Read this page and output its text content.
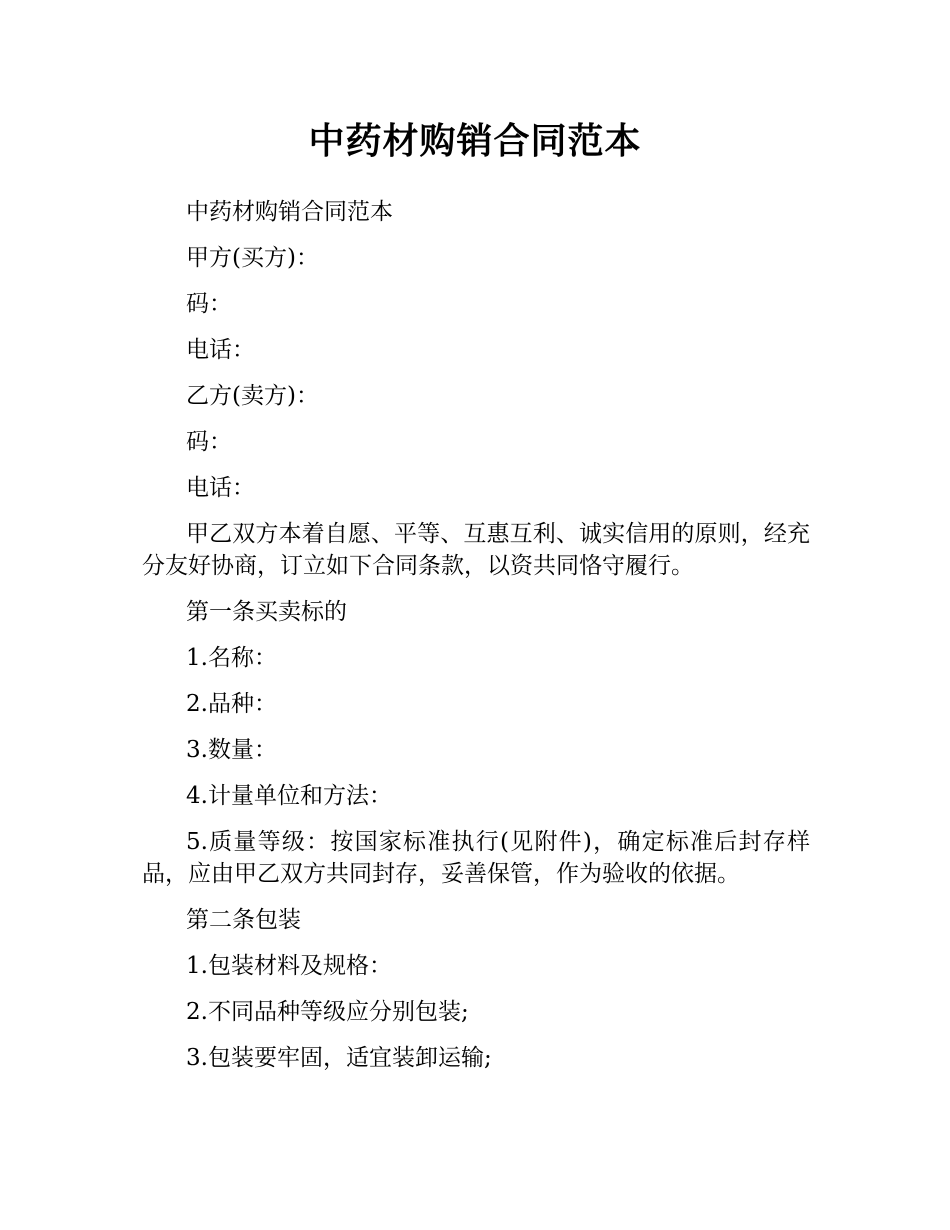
中药材购销合同范本

中药材购销合同范本

甲方(买方)：

码：

电话：

乙方(卖方)：

码：

电话：

甲乙双方本着自愿、平等、互惠互利、诚实信用的原则，经充分友好协商，订立如下合同条款，以资共同恪守履行。

第一条买卖标的

1.名称：

2.品种：

3.数量：

4.计量单位和方法：

5.质量等级：按国家标准执行(见附件)，确定标准后封存样品，应由甲乙双方共同封存，妥善保管，作为验收的依据。

第二条包装

1.包装材料及规格：

2.不同品种等级应分别包装;

3.包装要牢固，适宜装卸运输;
